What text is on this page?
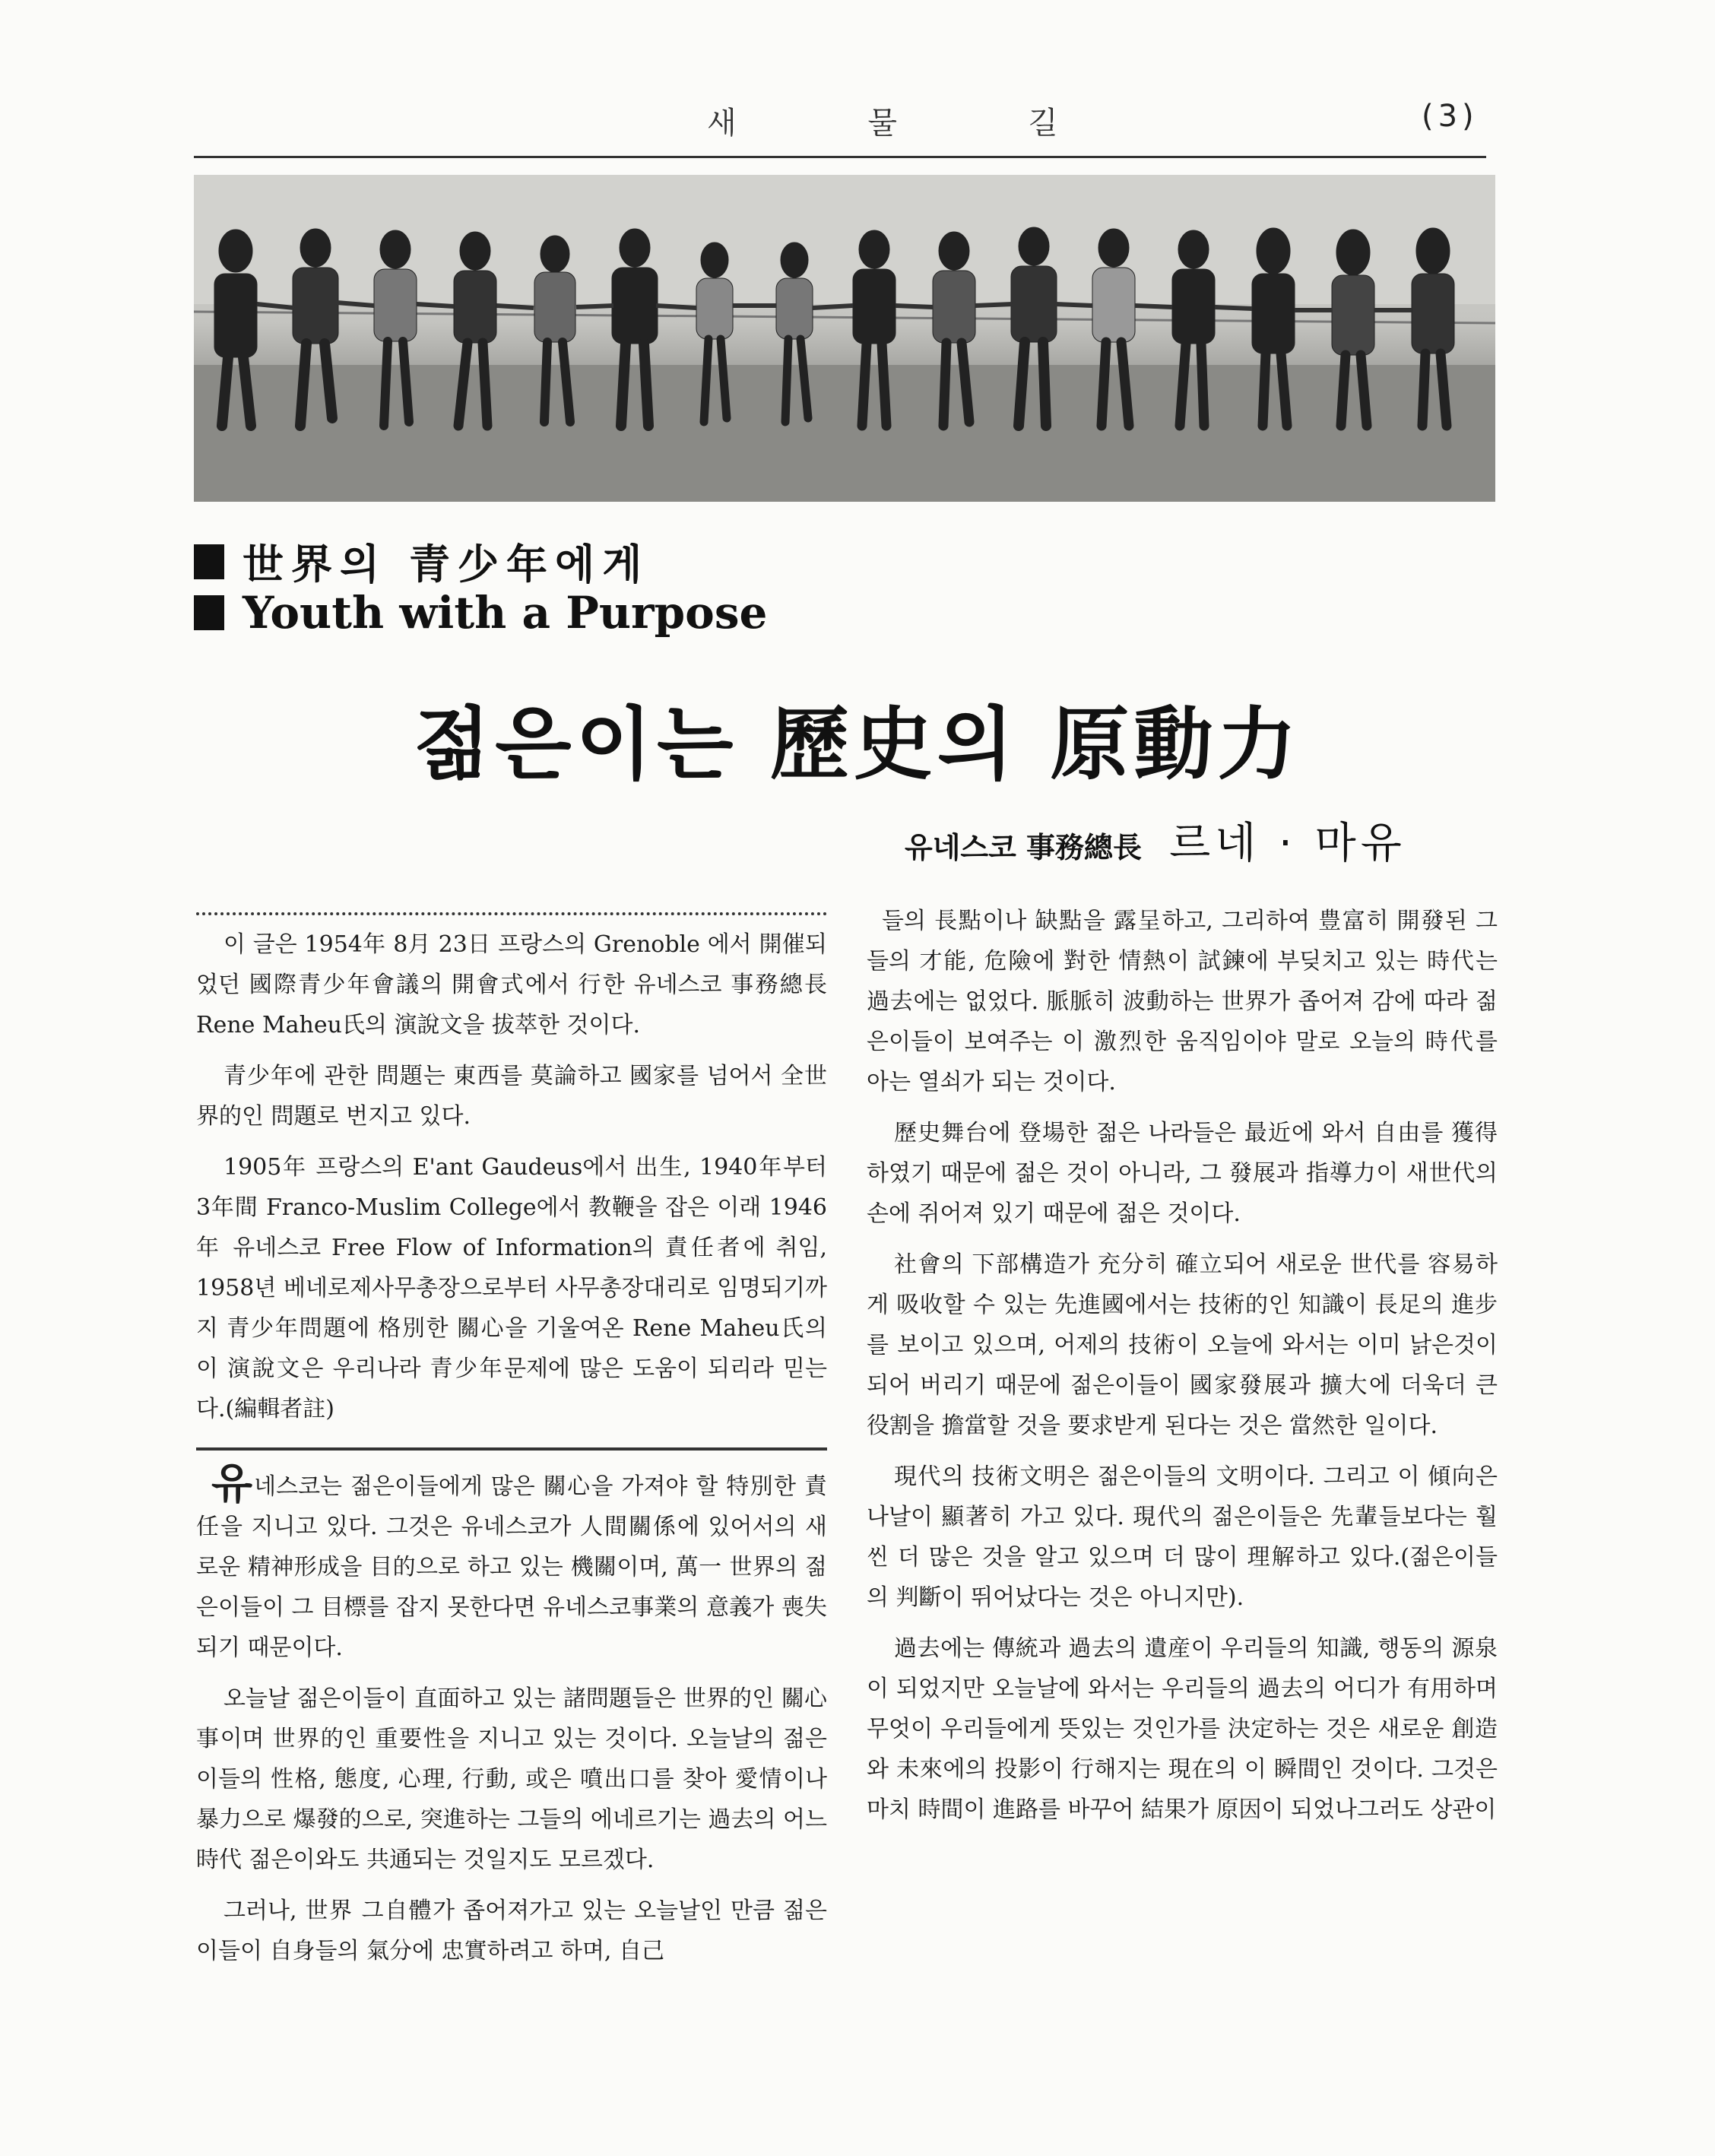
새 물 길	(3)
世界의 青少年에게
Youth with a Purpose
젊은이는 歷史의 原動力
유네스코 事務總長 르네 · 마유

이 글은 1954年 8月 23日 프랑스의 Grenoble 에서 開催되었던 國際青少年會議의 開會式에서 行한 유네스코 事務總長 Rene Maheu氏의 演說文을 拔萃한 것이다.

青少年에 관한 問題는 東西를 莫論하고 國家를 넘어서 全世界的인 問題로 번지고 있다.

1905年 프랑스의 E'ant Gaudeus에서 出生, 1940年부터 3年間 Franco-Muslim College에서 教鞭을 잡은 이래 1946年 유네스코 Free Flow of Information의 責任者에 취임, 1958년 베네로제사무총장으로부터 사무총장대리로 임명되기까지 青少年問題에 格別한 關心을 기울여온 Rene Maheu氏의 이 演說文은 우리나라 青少年문제에 많은 도움이 되리라 믿는다.(編輯者註)

유네스코는 젊은이들에게 많은 關心을 가져야 할 特別한 責任을 지니고 있다. 그것은 유네스코가 人間關係에 있어서의 새로운 精神形成을 目的으로 하고 있는 機關이며, 萬一 世界의 젊은이들이 그 目標를 잡지 못한다면 유네스코事業의 意義가 喪失되기 때문이다.

오늘날 젊은이들이 直面하고 있는 諸問題들은 世界的인 關心事이며 世界的인 重要性을 지니고 있는 것이다. 오늘날의 젊은이들의 性格, 態度, 心理, 行動, 或은 噴出口를 찾아 愛情이나 暴力으로 爆發的으로, 突進하는 그들의 에네르기는 過去의 어느時代 젊은이와도 共通되는 것일지도 모르겠다.

그러나, 世界 그自體가 좁어져가고 있는 오늘날인 만큼 젊은이들이 自身들의 氣分에 忠實하려고 하며, 自己

들의 長點이나 缺點을 露呈하고, 그리하여 豊富히 開發된 그들의 才能, 危險에 對한 情熱이 試鍊에 부딪치고 있는 時代는 過去에는 없었다. 脈脈히 波動하는 世界가 좁어져 감에 따라 젊은이들이 보여주는 이 激烈한 움직임이야 말로 오늘의 時代를 아는 열쇠가 되는 것이다.

歷史舞台에 登場한 젊은 나라들은 最近에 와서 自由를 獲得하였기 때문에 젊은 것이 아니라, 그 發展과 指導力이 새世代의 손에 쥐어져 있기 때문에 젊은 것이다.

社會의 下部構造가 充分히 確立되어 새로운 世代를 容易하게 吸收할 수 있는 先進國에서는 技術的인 知識이 長足의 進步를 보이고 있으며, 어제의 技術이 오늘에 와서는 이미 낡은것이 되어 버리기 때문에 젊은이들이 國家發展과 擴大에 더욱더 큰 役割을 擔當할 것을 要求받게 된다는 것은 當然한 일이다.

現代의 技術文明은 젊은이들의 文明이다. 그리고 이 傾向은 나날이 顯著히 가고 있다. 現代의 젊은이들은 先輩들보다는 훨씬 더 많은 것을 알고 있으며 더 많이 理解하고 있다.(젊은이들의 判斷이 뛰어났다는 것은 아니지만).

過去에는 傳統과 過去의 遺産이 우리들의 知識, 행동의 源泉이 되었지만 오늘날에 와서는 우리들의 過去의 어디가 有用하며 무엇이 우리들에게 뜻있는 것인가를 決定하는 것은 새로운 創造와 未來에의 投影이 行해지는 現在의 이 瞬間인 것이다. 그것은 마치 時間이 進路를 바꾸어 結果가 原因이 되었나그러도 상관이
